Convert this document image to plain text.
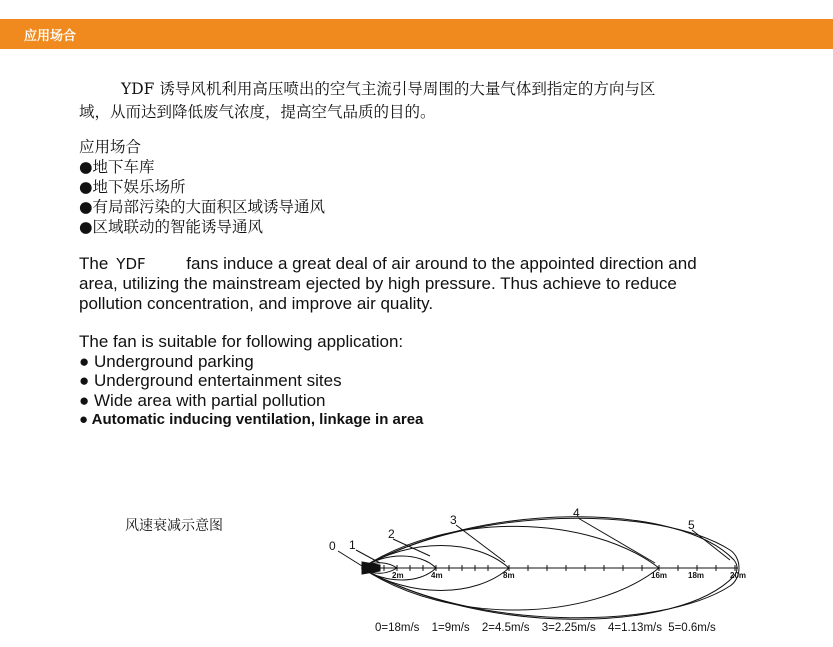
应用场合
YDF 诱导风机利用高压喷出的空气主流引导周围的大量气体到指定的方向与区
域，从而达到降低废气浓度，提高空气品质的目的。
应用场合
●地下车库
●地下娱乐场所
●有局部污染的大面积区域诱导通风
●区域联动的智能诱导通风
The YDF fans induce a great deal of air around to the appointed direction and
area, utilizing the mainstream ejected by high pressure. Thus achieve to reduce
pollution concentration, and improve air quality.
The fan is suitable for following application:
● Underground parking
● Underground entertainment sites
● Wide area with partial pollution
● Automatic inducing ventilation, linkage in area
风速衰减示意图
0 1
2
3	4
5
2m	4m	8m	16m	18m	20m
0=18m/s 1=9m/s 2=4.5m/s 3=2.25m/s 4=1.13m/s 5=0.6m/s
